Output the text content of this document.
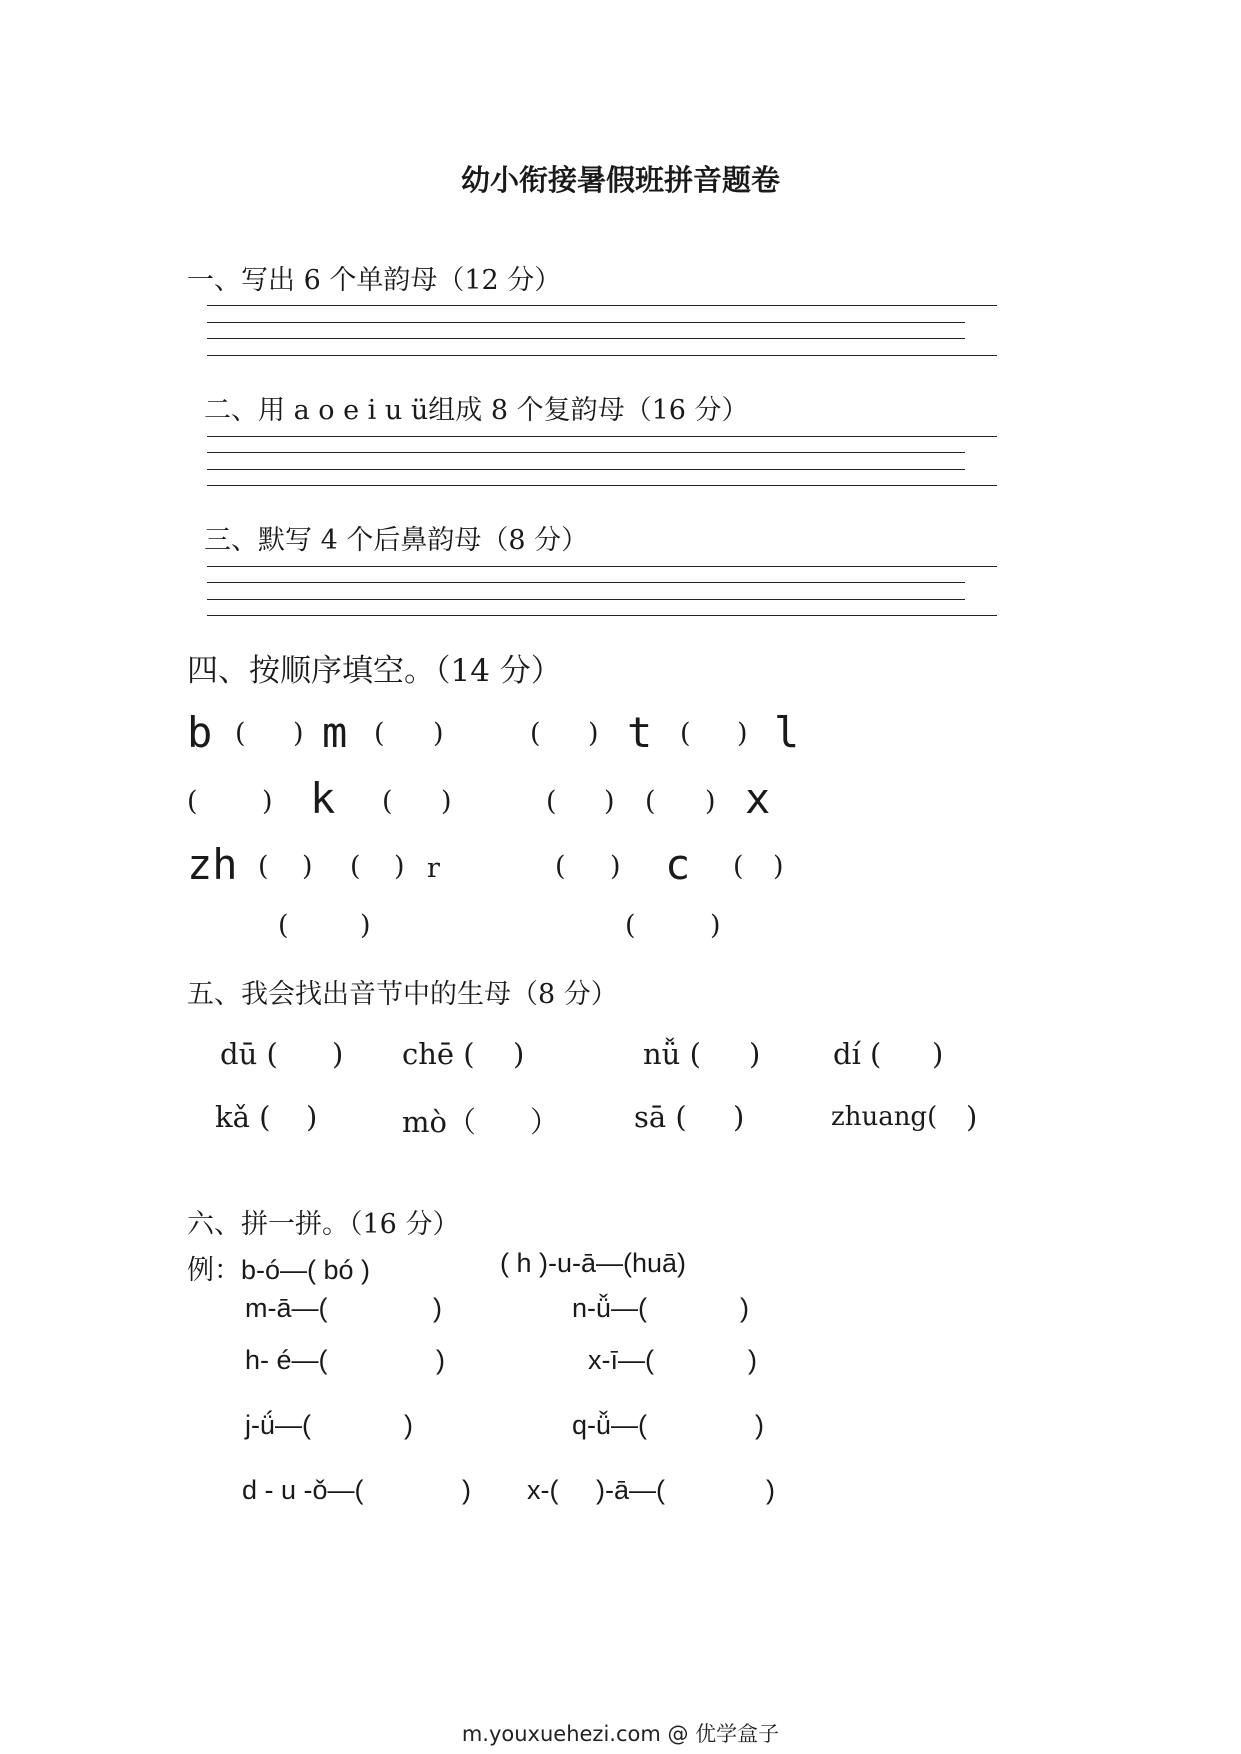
幼小衔接暑假班拼音题卷
一、写出 6 个单韵母（12 分）
二、用 a o e i u ü组成 8 个复韵母（16 分）
三、默写 4 个后鼻韵母（8 分）
四、按顺序填空。（14 分）
b ( ) m ( )	( ) t ( ) l
( ) k ( )	( ) ( ) x
zh ( ) ( ) r	( ) c ( )
(	)	(	)
五、我会找出音节中的生母（8 分）
dū ( ) chē ( )	nǚ ( )	dí ( )
kǎ ( )	mò（ ）	sā ( )	zhuang( )
六、拼一拼。（16 分）
例：b-ó—( bó )	( h )-u-ā—(huā)
m-ā—(	)	n-ǚ—(	)
h- é—(	)	x-ī—(	)
j-ǘ—(	)	q-ǚ—(	)
d - u -ǒ—(	) x-( )-ā—(	)
m.youxuehezi.com @ 优学盒子
